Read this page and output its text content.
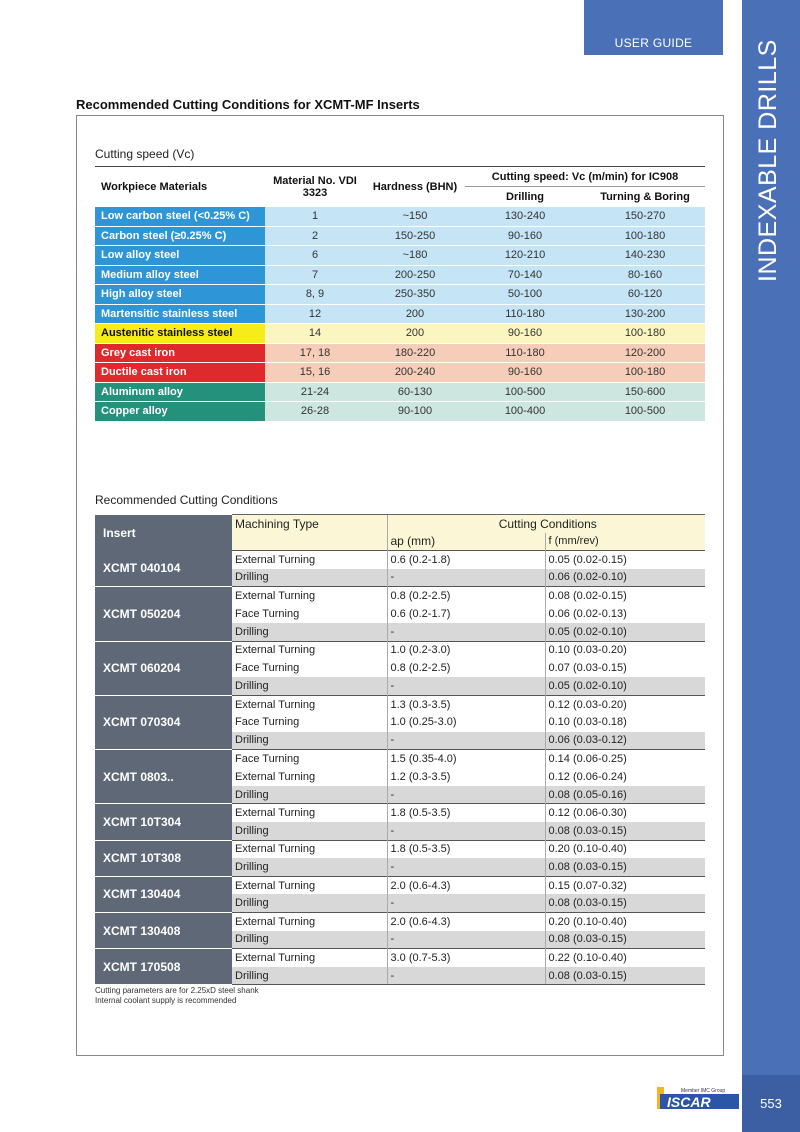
INDEXABLE DRILLS
USER GUIDE
553
ISCAR
Member IMC Group
Recommended Cutting Conditions for XCMT-MF Inserts
Cutting speed (Vc)
Workpiece Materials	Material No. VDI 3323	Hardness (BHN)	Cutting speed: Vc (m/min) for IC908	
			Drilling	Turning & Boring
Low carbon steel (<0.25% C)	1	~150	130-240	150-270
Carbon steel (≥0.25% C)	2	150-250	90-160	100-180
Low alloy steel	6	~180	120-210	140-230
Medium alloy steel	7	200-250	70-140	80-160
High alloy steel	8, 9	250-350	50-100	60-120
Martensitic stainless steel	12	200	110-180	130-200
Austenitic stainless steel	14	200	90-160	100-180
Grey cast iron	17, 18	180-220	110-180	120-200
Ductile cast iron	15, 16	200-240	90-160	100-180
Aluminum alloy	21-24	60-130	100-500	150-600
Copper alloy	26-28	90-100	100-400	100-500
Recommended Cutting Conditions
Insert	Machining Type	Cutting Conditions	
		ap (mm)	f (mm/rev)
XCMT 040104	External Turning	0.6 (0.2-1.8)	0.05 (0.02-0.15)
	Drilling	-	0.06 (0.02-0.10)
XCMT 050204	External Turning	0.8 (0.2-2.5)	0.08 (0.02-0.15)
	Face Turning	0.6 (0.2-1.7)	0.06 (0.02-0.13)
	Drilling	-	0.05 (0.02-0.10)
XCMT 060204	External Turning	1.0 (0.2-3.0)	0.10 (0.03-0.20)
	Face Turning	0.8 (0.2-2.5)	0.07 (0.03-0.15)
	Drilling	-	0.05 (0.02-0.10)
XCMT 070304	External Turning	1.3 (0.3-3.5)	0.12 (0.03-0.20)
	Face Turning	1.0 (0.25-3.0)	0.10 (0.03-0.18)
	Drilling	-	0.06 (0.03-0.12)
XCMT 0803..	Face Turning	1.5 (0.35-4.0)	0.14 (0.06-0.25)
	External Turning	1.2 (0.3-3.5)	0.12 (0.06-0.24)
	Drilling	-	0.08 (0.05-0.16)
XCMT 10T304	External Turning	1.8 (0.5-3.5)	0.12 (0.06-0.30)
	Drilling	-	0.08 (0.03-0.15)
XCMT 10T308	External Turning	1.8 (0.5-3.5)	0.20 (0.10-0.40)
	Drilling	-	0.08 (0.03-0.15)
XCMT 130404	External Turning	2.0 (0.6-4.3)	0.15 (0.07-0.32)
	Drilling	-	0.08 (0.03-0.15)
XCMT 130408	External Turning	2.0 (0.6-4.3)	0.20 (0.10-0.40)
	Drilling	-	0.08 (0.03-0.15)
XCMT 170508	External Turning	3.0 (0.7-5.3)	0.22 (0.10-0.40)
	Drilling	-	0.08 (0.03-0.15)
Cutting parameters are for 2.25xD steel shank
Internal coolant supply is recommended
